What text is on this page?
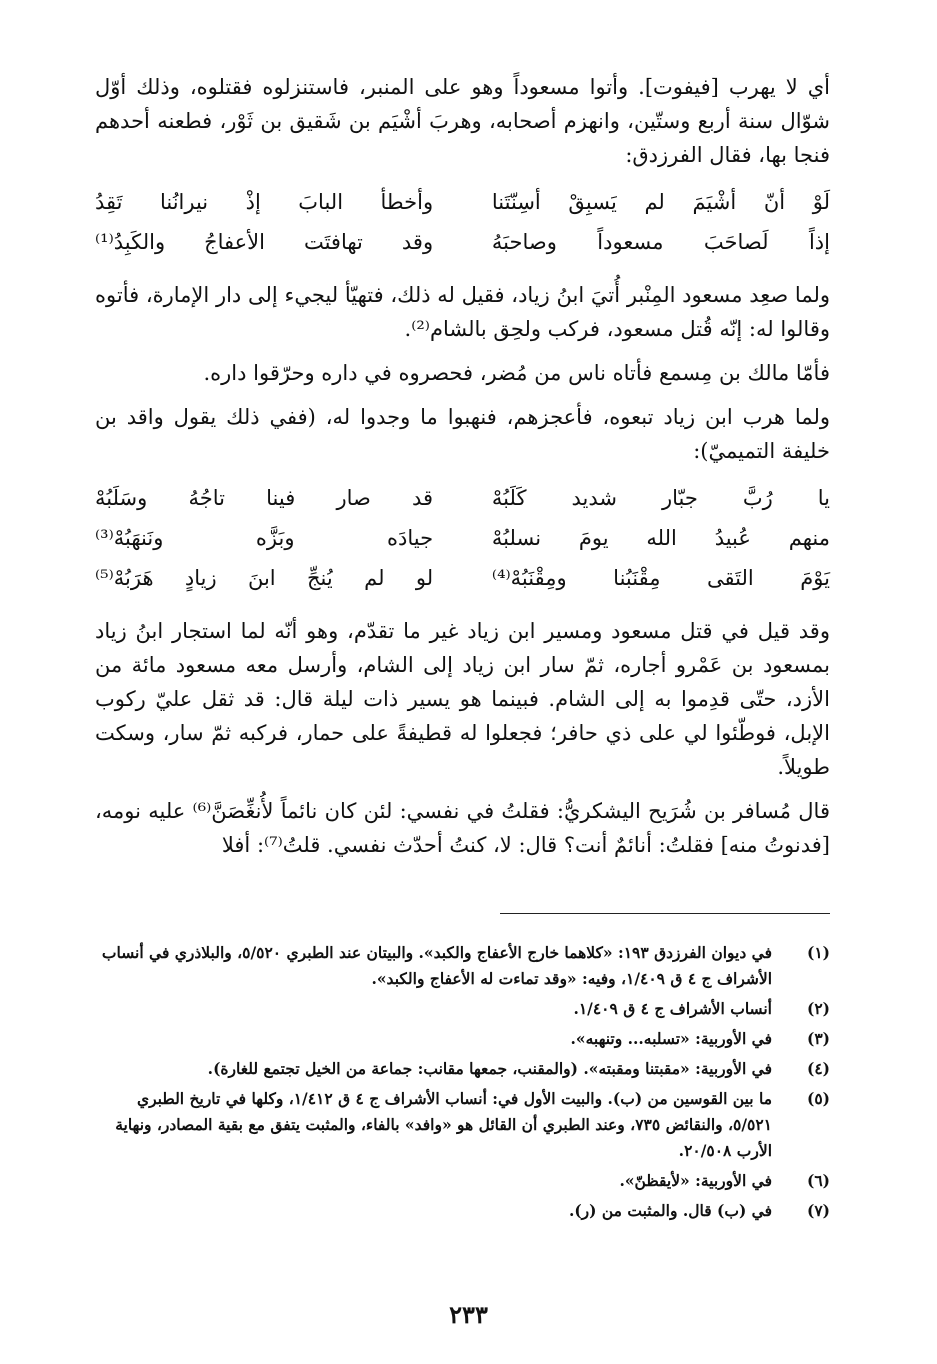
أي لا يهرب [فيفوت]. وأتوا مسعوداً وهو على المنبر، فاستنزلوه فقتلوه، وذلك أوّل شوّال سنة أربع وستّين، وانهزم أصحابه، وهربَ أشْيَم بن شَقيق بن ثَوْر، فطعنه أحدهم فنجا بها، فقال الفرزدق:

لَوْ أنّ أشْيَمَ لم يَسبِقْ أسِنّتَنا
وأخطأ البابَ إذْ نيرانُنا تَقِدُ
إذاً لَصاحَبَ مسعوداً وصاحبَهُ
وقد تهافتَت الأعفاجُ والكَبِدُ⁽¹⁾

ولما صعِد مسعود المِنْبر أُتيَ ابنُ زياد، فقيل له ذلك، فتهيّأ ليجيء إلى دار الإمارة، فأتوه وقالوا له: إنّه قُتل مسعود، فركب ولحِق بالشام⁽²⁾.

فأمّا مالك بن مِسمع فأتاه ناس من مُضر، فحصروه في داره وحرّقوا داره.

ولما هرب ابن زياد تبعوه، فأعجزهم، فنهبوا ما وجدوا له، (ففي ذلك يقول واقد بن خليفة التميميّ):

يا رُبَّ جبّار شديد كَلَبُهْ
قد صار فينا تاجُهُ وسَلَبُهْ
منهم عُبيدُ الله يومَ نسلبُهْ
جيادَه وبَزَّه ونَنهَبُهْ⁽³⁾
يَوْمَ التَقى مِقْنَبُنا ومِقْنَبُهْ⁽⁴⁾
لو لم يُنجِّ ابنَ زيادٍ هَرَبُهْ⁽⁵⁾

وقد قيل في قتل مسعود ومسير ابن زياد غير ما تقدّم، وهو أنّه لما استجار ابنُ زياد بمسعود بن عَمْرو أجاره، ثمّ سار ابن زياد إلى الشام، وأرسل معه مسعود مائة من الأزد، حتّى قدِموا به إلى الشام. فبينما هو يسير ذات ليلة قال: قد ثقل عليّ ركوب الإبل، فوطّئوا لي على ذي حافر؛ فجعلوا له قطيفةً على حمار، فركبه ثمّ سار، وسكت طويلاً.

قال مُسافر بن شُرَيح اليشكريُّ: فقلتُ في نفسي: لئن كان نائماً لأُنغِّصَنَّ⁽⁶⁾ عليه نومه، [فدنوتُ منه] فقلتُ: أنائمٌ أنت؟ قال: لا، كنتُ أحدّث نفسي. قلتُ⁽⁷⁾: أفلا

(١)
في ديوان الفرزدق ١٩٣: «كلاهما خارج الأعفاج والكبد». والبيتان عند الطبري ٥/٥٢٠، والبلاذري في أنساب الأشراف ج ٤ ق ١/٤٠٩، وفيه: «وقد تماءت له الأعفاج والكبد».
(٢)
أنساب الأشراف ج ٤ ق ١/٤٠٩.
(٣)
في الأوربية: «تسلبه... وتنهبه».
(٤)
في الأوربية: «مقبتنا ومقبته». (والمقنب، جمعها مقانب: جماعة من الخيل تجتمع للغارة).
(٥)
ما بين القوسين من (ب). والبيت الأول في: أنساب الأشراف ج ٤ ق ١/٤١٢، وكلها في تاريخ الطبري ٥/٥٢١، والنقائض ٧٣٥، وعند الطبري أن القائل هو «وافد» بالفاء، والمثبت يتفق مع بقية المصادر، ونهاية الأرب ٢٠/٥٠٨.
(٦)
في الأوربية: «لأيقظنّ».
(٧)
في (ب) قال. والمثبت من (ر).
٢٣٣
